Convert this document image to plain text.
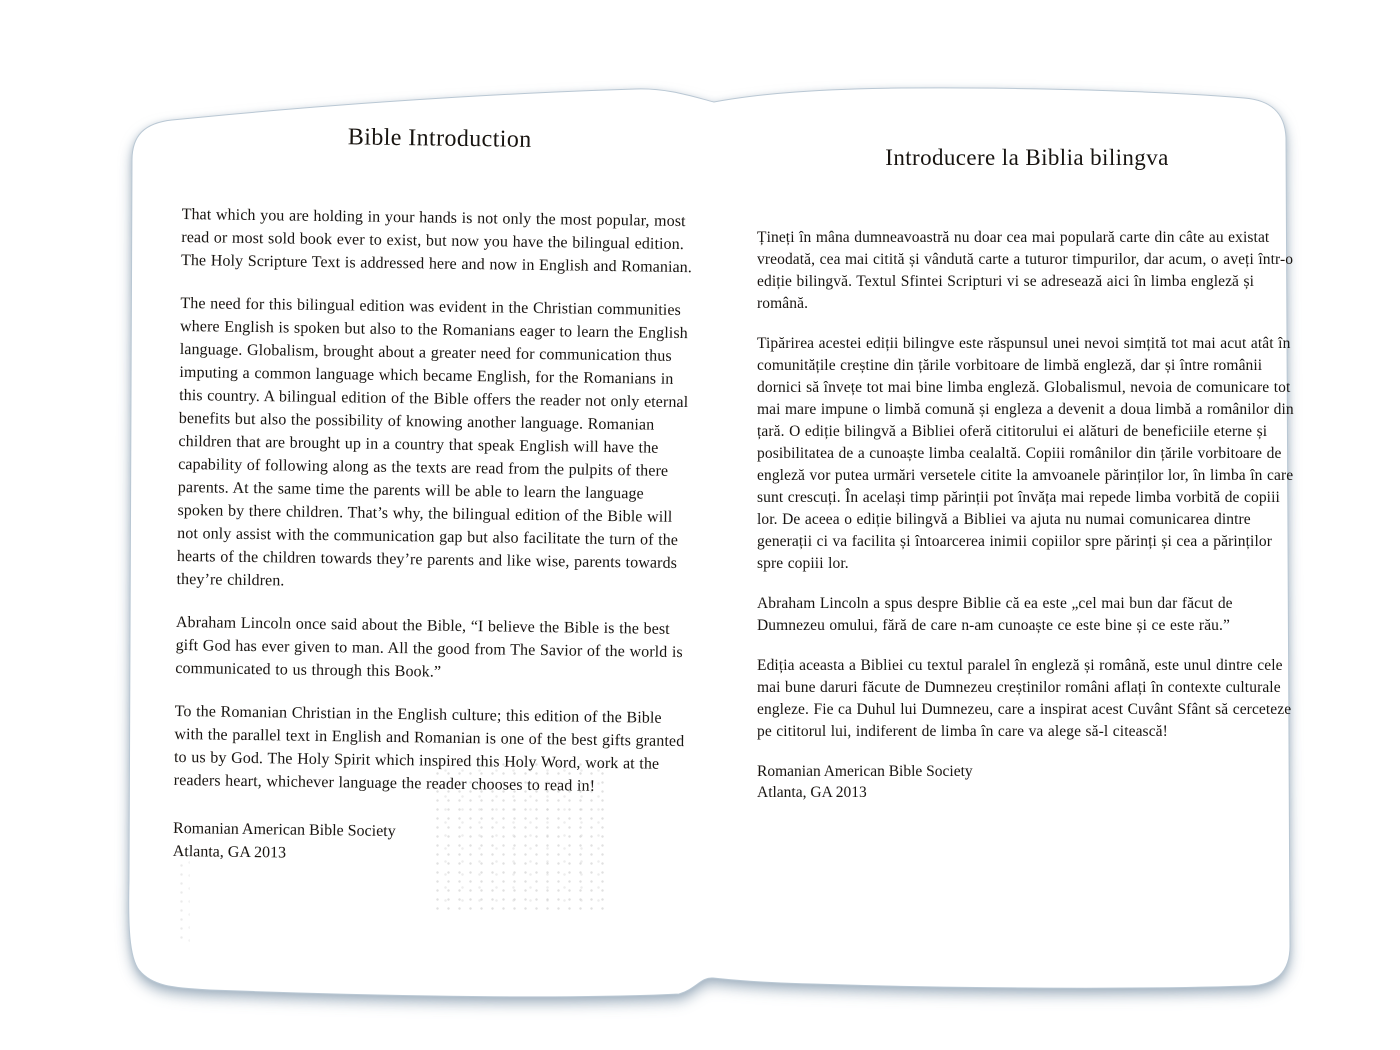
Bible Introduction

That which you are holding in your hands is not only the most popular, most read or most sold book ever to exist, but now you have the bilingual edition. The Holy Scripture Text is addressed here and now in English and Romanian.

The need for this bilingual edition was evident in the Christian communities where English is spoken but also to the Romanians eager to learn the English language. Globalism, brought about a greater need for communication thus imputing a common language which became English, for the Romanians in this country. A bilingual edition of the Bible offers the reader not only eternal benefits but also the possibility of knowing another language. Romanian children that are brought up in a country that speak English will have the capability of following along as the texts are read from the pulpits of there parents. At the same time the parents will be able to learn the language spoken by there children. That’s why, the bilingual edition of the Bible will not only assist with the communication gap but also facilitate the turn of the hearts of the children towards they’re parents and like wise, parents towards they’re children.

Abraham Lincoln once said about the Bible, “I believe the Bible is the best gift God has ever given to man. All the good from The Savior of the world is communicated to us through this Book.”

To the Romanian Christian in the English culture; this edition of the Bible with the parallel text in English and Romanian is one of the best gifts granted to us by God. The Holy Spirit which inspired this Holy Word, work at the readers heart, whichever language the reader chooses to read in!

Romanian American Bible Society
Atlanta, GA 2013
Introducere la Biblia bilingva

Țineți în mâna dumneavoastră nu doar cea mai populară carte din câte au existat vreodată, cea mai citită și vândută carte a tuturor timpurilor, dar acum, o aveți într-o ediție bilingvă. Textul Sfintei Scripturi vi se adresează aici în limba engleză și română.

Tipărirea acestei ediții bilingve este răspunsul unei nevoi simțită tot mai acut atât în comunitățile creștine din țările vorbitoare de limbă engleză, dar și între românii dornici să învețe tot mai bine limba engleză. Globalismul, nevoia de comunicare tot mai mare impune o limbă comună și engleza a devenit a doua limbă a românilor din țară. O ediție bilingvă a Bibliei oferă cititorului ei alături de beneficiile eterne și posibilitatea de a cunoaște limba cealaltă. Copiii românilor din țările vorbitoare de engleză vor putea urmări versetele citite la amvoanele părinților lor, în limba în care sunt crescuți. În același timp părinții pot învăța mai repede limba vorbită de copiii lor. De aceea o ediție bilingvă a Bibliei va ajuta nu numai comunicarea dintre generații ci va facilita și întoarcerea inimii copiilor spre părinți și cea a părinților spre copiii lor.

Abraham Lincoln a spus despre Biblie că ea este „cel mai bun dar făcut de Dumnezeu omului, fără de care n-am cunoaște ce este bine și ce este rău.”

Ediția aceasta a Bibliei cu textul paralel în engleză și română, este unul dintre cele mai bune daruri făcute de Dumnezeu creștinilor români aflați în contexte culturale engleze. Fie ca Duhul lui Dumnezeu, care a inspirat acest Cuvânt Sfânt să cerceteze pe cititorul lui, indiferent de limba în care va alege să-l citească!

Romanian American Bible Society
Atlanta, GA 2013
